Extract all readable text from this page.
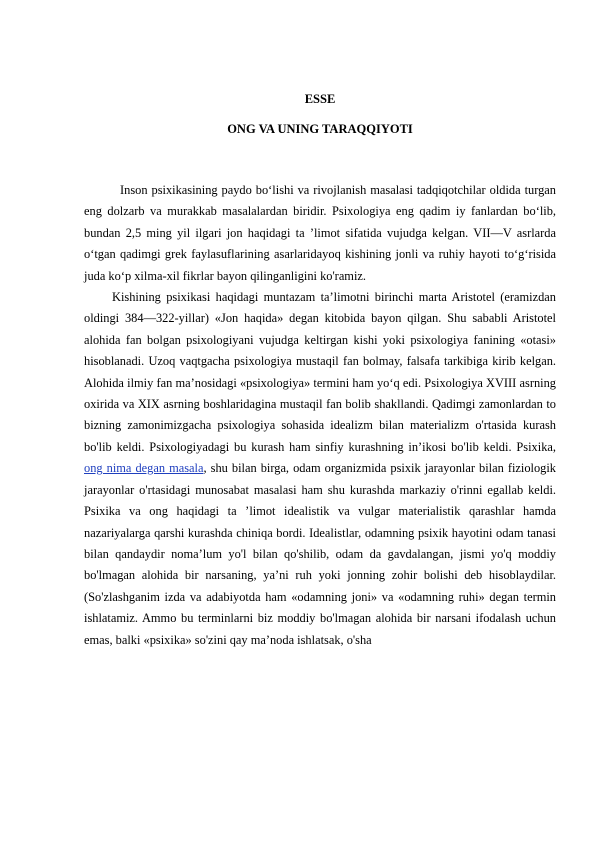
ESSE
ONG VA UNING TARAQQIYOTI

Inson psixikasining paydo bo‘lishi va rivojlanish masalasi tadqiqotchilar oldida turgan eng dolzarb va murakkab masalalardan biridir. Psixologiya eng qadim iy fanlardan bo‘lib, bundan 2,5 ming yil ilgari jon haqidagi ta ’limot sifatida vujudga kelgan. VII—V asrlarda o‘tgan qadimgi grek faylasuflarining asarlaridayoq kishining jonli va ruhiy hayoti to‘g‘risida juda ko‘p xilma-xil fikrlar bayon qilinganligini ko'ramiz.

Kishining psixikasi haqidagi muntazam ta’limotni birinchi marta Aristotel (eramizdan oldingi 384—322-yillar) «Jon haqida» degan kitobida bayon qilgan. Shu sababli Aristotel alohida fan bolgan psixologiyani vujudga keltirgan kishi yoki psixologiya fanining «otasi» hisoblanadi. Uzoq vaqtgacha psixologiya mustaqil fan bolmay, falsafa tarkibiga kirib kelgan. Alohida ilmiy fan ma’nosidagi «psixologiya» termini ham yo‘q edi. Psixologiya XVIII asrning oxirida va XIX asrning boshlaridagina mustaqil fan bolib shakllandi. Qadimgi zamonlardan to bizning zamonimizgacha psixologiya sohasida idealizm bilan materializm o'rtasida kurash bo'lib keldi. Psixologiyadagi bu kurash ham sinfiy kurashning in’ikosi bo'lib keldi. Psixika, ong nima degan masala, shu bilan birga, odam organizmida psixik jarayonlar bilan fiziologik jarayonlar o'rtasidagi munosabat masalasi ham shu kurashda markaziy o'rinni egallab keldi. Psixika va ong haqidagi ta ’limot idealistik va vulgar materialistik qarashlar hamda nazariyalarga qarshi kurashda chiniqa bordi. Idealistlar, odamning psixik hayotini odam tanasi bilan qandaydir noma’lum yo'l bilan qo'shilib, odam da gavdalangan, jismi yo'q moddiy bo'lmagan alohida bir narsaning, ya’ni ruh yoki jonning zohir bolishi deb hisoblaydilar. (So'zlashganim izda va adabiyotda ham «odamning joni» va «odamning ruhi» degan termin ishlatamiz. Ammo bu terminlarni biz moddiy bo'lmagan alohida bir narsani ifodalash uchun emas, balki «psixika» so'zini qay ma’noda ishlatsak, o'sha
